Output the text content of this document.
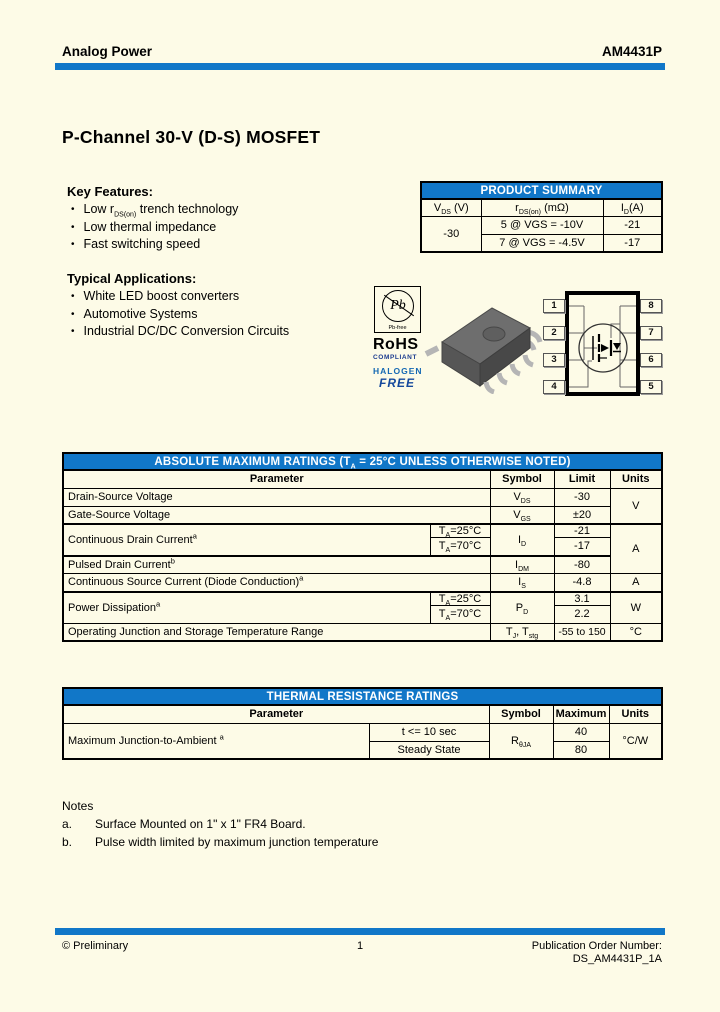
Analog Power	AM4431P
P-Channel 30-V (D-S) MOSFET
Key Features:
• Low $r_{DS(on)}$ trench technology
• Low thermal impedance
• Fast switching speed
PRODUCT SUMMARY		
$V_{DS}$ (V)	$r_{DS(on)}$ (mΩ)	$I_D(A)$
-30	5 @ VGS = -10V	-21
	7 @ VGS = -4.5V	-17
Typical Applications:
• White LED boost converters
• Automotive Systems
• Industrial DC/DC Conversion Circuits
Pb
Pb-free
RoHS
COMPLIANT
HALOGEN
FREE
1
2
3
4
8
7
6
5
ABSOLUTE MAXIMUM RATINGS ($T_A = 25^\circ C$ UNLESS OTHERWISE NOTED)				
Parameter		Symbol	Limit	Units
Drain-Source Voltage		$V_{DS}$	-30	V
Gate-Source Voltage		$V_{GS}$	±20	
Continuous Drain Current$^a$	$T_A=25^\circ C$	$I_D$	-21	A
	$T_A=70^\circ C$		-17	
Pulsed Drain Current$^b$		$I_{DM}$	-80	
Continuous Source Current (Diode Conduction)$^a$		$I_S$	-4.8	A
Power Dissipation$^a$	$T_A=25^\circ C$	$P_D$	3.1	W
	$T_A=70^\circ C$		2.2	
Operating Junction and Storage Temperature Range		$T_J$, $T_{stg}$	-55 to 150	°C
THERMAL RESISTANCE RATINGS				
Parameter		Symbol	Maximum	Units
Maximum Junction-to-Ambient $^a$	t <= 10 sec	$R_{\theta JA}$	40	°C/W
	Steady State		80	
Notes
a.	Surface Mounted on 1" x 1" FR4 Board.
b.	Pulse width limited by maximum junction temperature
© Preliminary	1	Publication Order Number:
DS_AM4431P_1A
